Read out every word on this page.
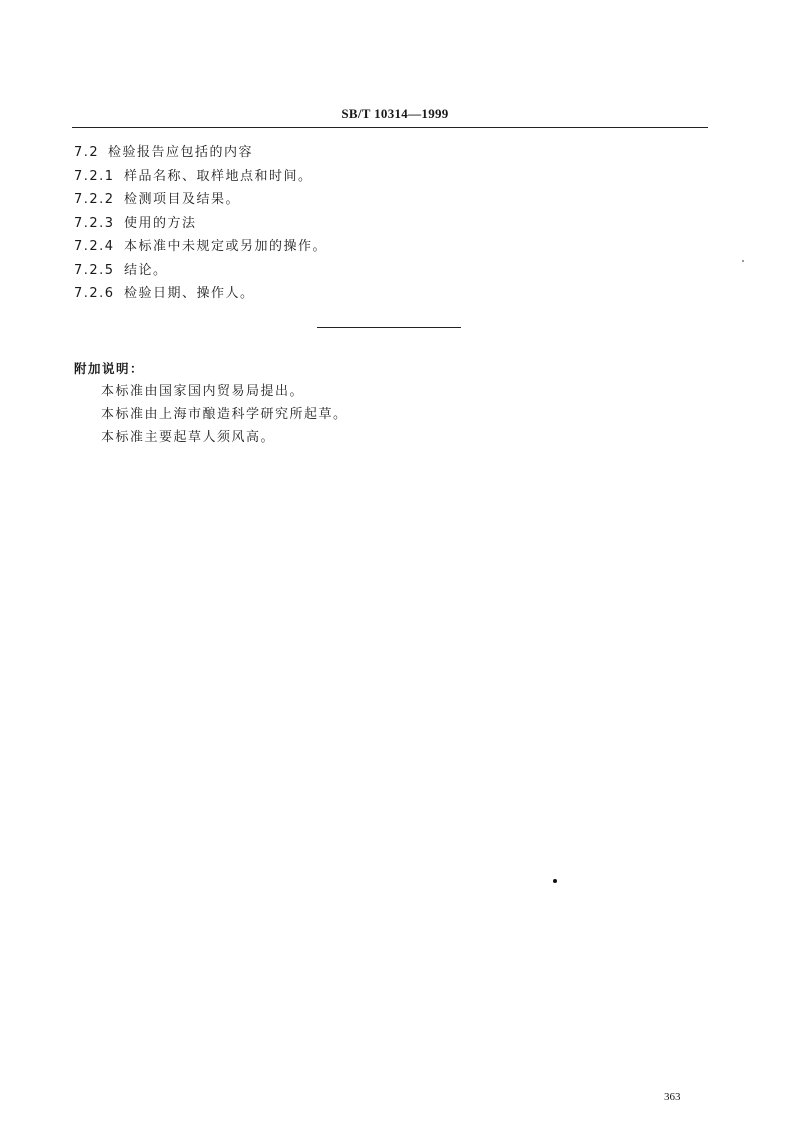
SB/T 10314—1999
7.2 检验报告应包括的内容
7.2.1 样品名称、取样地点和时间。
7.2.2 检测项目及结果。
7.2.3 使用的方法
7.2.4 本标准中未规定或另加的操作。
7.2.5 结论。
7.2.6 检验日期、操作人。
附加说明：
本标准由国家国内贸易局提出。
本标准由上海市酿造科学研究所起草。
本标准主要起草人须风高。
363
